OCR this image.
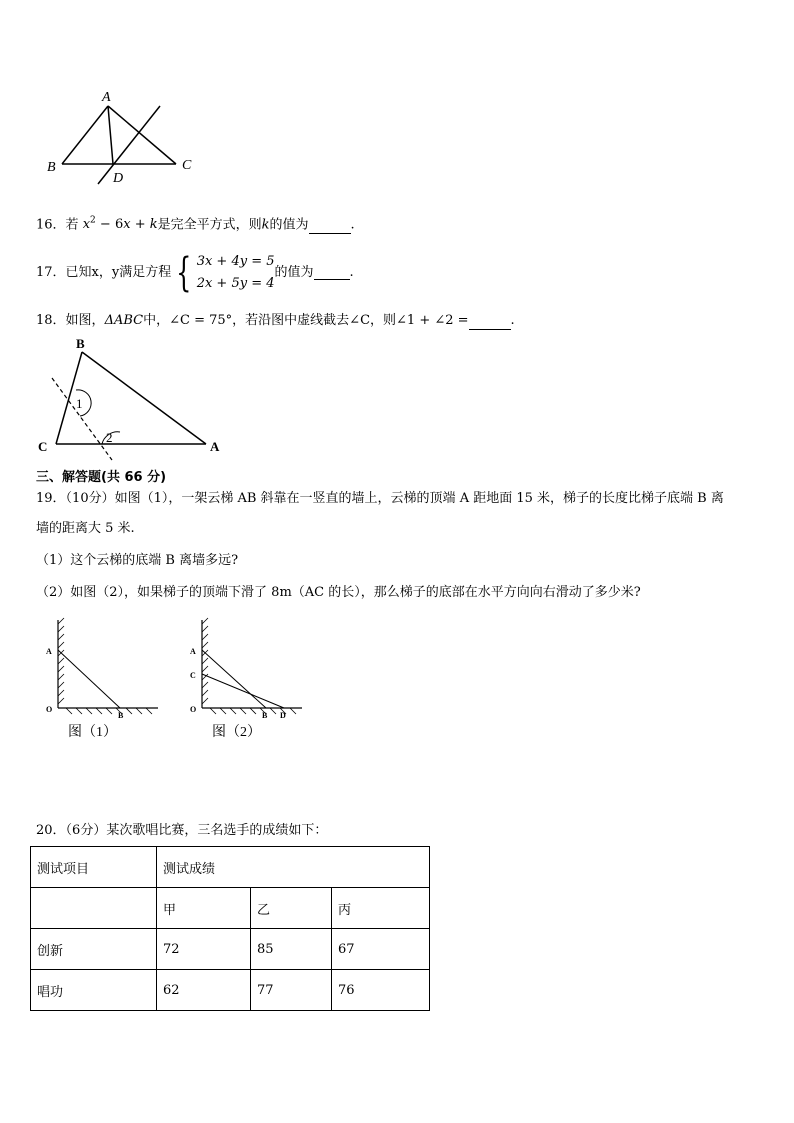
A
B	C
D
16．若 $x^2 - 6x + k$是完全平方式，则k的值为	.
17．已知x，y满足方程 { 3x + 4y = 5
2x + 5y = 4的值为	.
18．如图，ΔABC中，∠C = 75°，若沿图中虚线截去∠C，则∠1 + ∠2 =	.
B
C	A
1
2
三、解答题(共 66 分)
19．（10分）如图（1），一架云梯 AB 斜靠在一竖直的墙上，云梯的顶端 A 距地面 15 米，梯子的长度比梯子底端 B 离
墙的距离大 5 米.
（1）这个云梯的底端 B 离墙多远?
（2）如图（2），如果梯子的顶端下滑了 8m（AC 的长），那么梯子的底部在水平方向向右滑动了多少米?
A
O
B
图（1）
A
C
O
B D
图（2）
20．（6分）某次歌唱比赛，三名选手的成绩如下：
测试项目	测试成绩		
	甲	乙	丙
创新	72	85	67
唱功	62	77	76
